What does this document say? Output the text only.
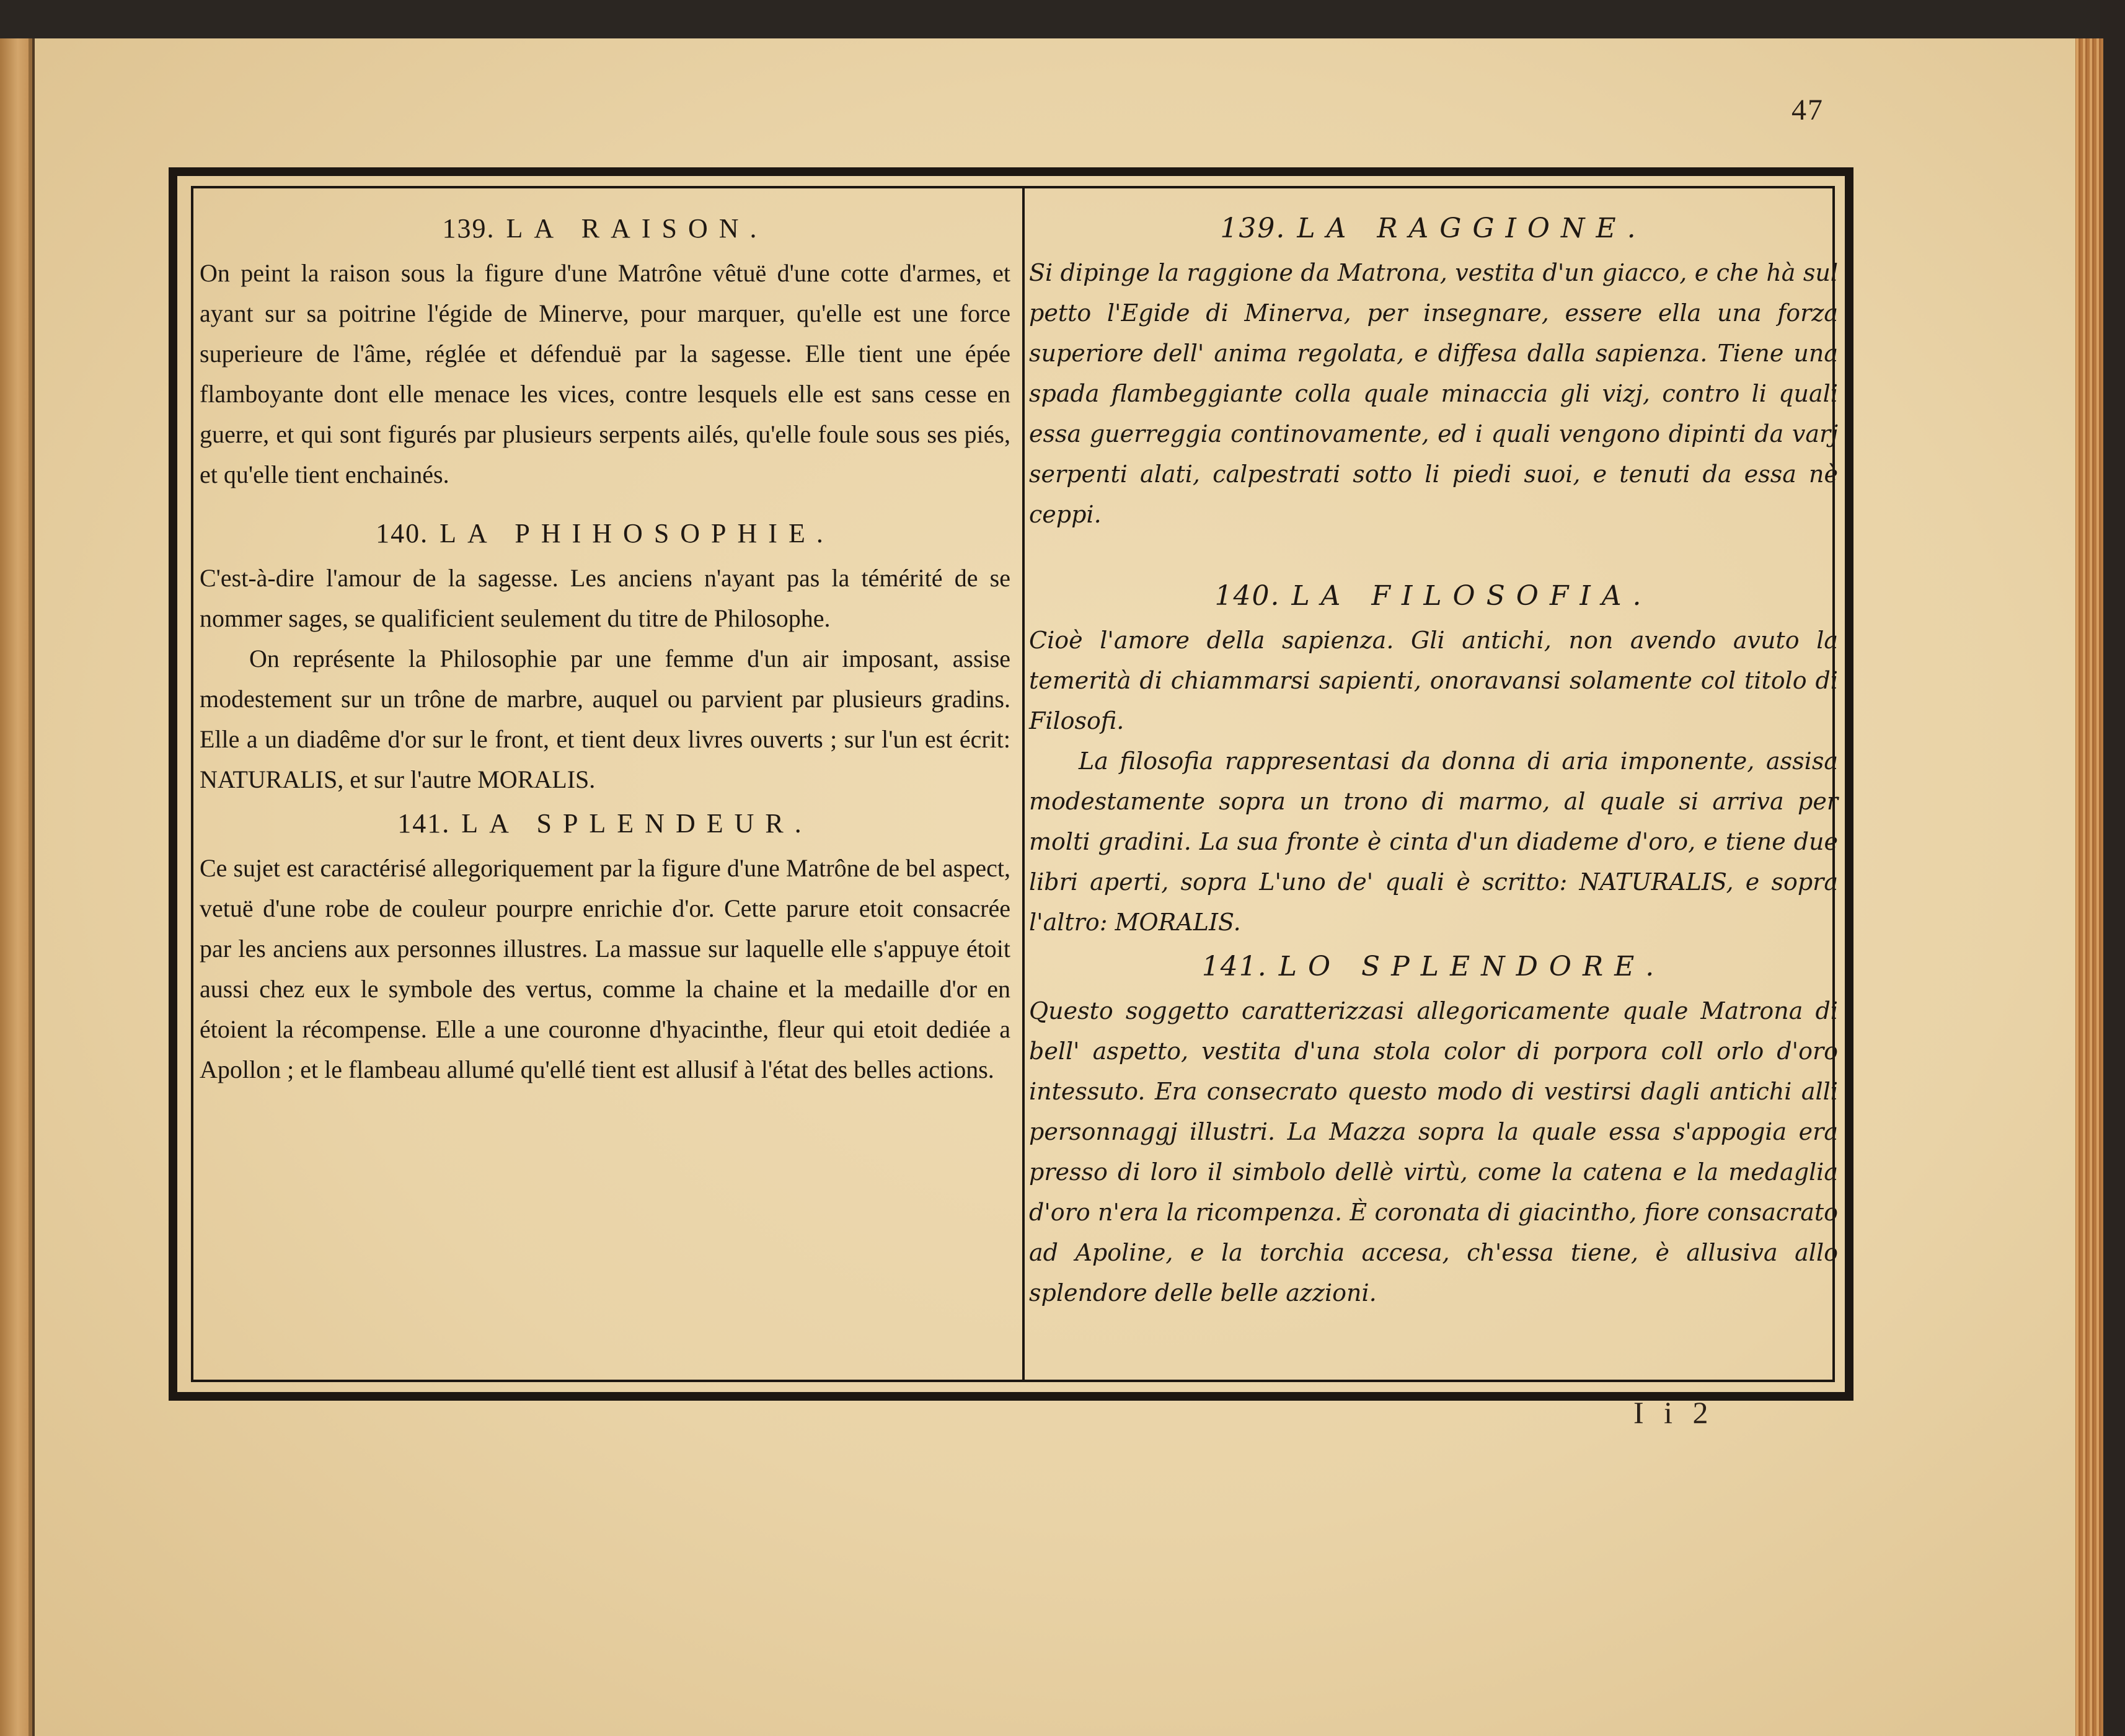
47

139. LA RAISON.

On peint la raison sous la figure d'une Matrône vêtuë d'une cotte d'armes, et ayant sur sa poitrine l'égide de Minerve, pour marquer, qu'elle est une force superieure de l'âme, réglée et défenduë par la sagesse. Elle tient une épée flamboyante dont elle menace les vices, contre lesquels elle est sans cesse en guerre, et qui sont figurés par plusieurs serpents ailés, qu'elle foule sous ses piés, et qu'elle tient enchainés.

140. LA PHIHOSOPHIE.

C'est-à-dire l'amour de la sagesse. Les anciens n'ayant pas la témérité de se nommer sages, se qualificient seulement du titre de Philosophe.

On représente la Philosophie par une femme d'un air imposant, assise modestement sur un trône de marbre, auquel ou parvient par plusieurs gradins. Elle a un diadême d'or sur le front, et tient deux livres ouverts ; sur l'un est écrit: NATURALIS, et sur l'autre MORALIS.

141. LA SPLENDEUR.

Ce sujet est caractérisé allegoriquement par la figure d'une Matrône de bel aspect, vetuë d'une robe de couleur pourpre enrichie d'or. Cette parure etoit consacrée par les anciens aux personnes illustres. La massue sur laquelle elle s'appuye étoit aussi chez eux le symbole des vertus, comme la chaine et la medaille d'or en étoient la récompense. Elle a une couronne d'hyacinthe, fleur qui etoit dediée a Apollon ; et le flambeau allumé qu'ellé tient est allusif à l'état des belles actions.

139. LA RAGGIONE.

Si dipinge la raggione da Matrona, vestita d'un giacco, e che hà sul petto l'Egide di Minerva, per insegnare, essere ella una forza superiore dell' anima regolata, e diffesa dalla sapienza. Tiene una spada flambeggiante colla quale minaccia gli vizj, contro li quali essa guerreggia continovamente, ed i quali vengono dipinti da varj serpenti alati, calpestrati sotto li piedi suoi, e tenuti da essa nè ceppi.

140. LA FILOSOFIA.

Cioè l'amore della sapienza. Gli antichi, non avendo avuto la temerità di chiammarsi sapienti, onoravansi solamente col titolo di Filosofi.

La filosofia rappresentasi da donna di aria imponente, assisa modestamente sopra un trono di marmo, al quale si arriva per molti gradini. La sua fronte è cinta d'un diademe d'oro, e tiene due libri aperti, sopra L'uno de' quali è scritto: NATURALIS, e sopra l'altro: MORALIS.

141. LO SPLENDORE.

Questo soggetto caratterizzasi allegoricamente quale Matrona di bell' aspetto, vestita d'una stola color di porpora coll orlo d'oro intessuto. Era consecrato questo modo di vestirsi dagli antichi alli personnaggj illustri. La Mazza sopra la quale essa s'appogia era presso di loro il simbolo dellè virtù, come la catena e la medaglia d'oro n'era la ricompenza. È coronata di giacintho, fiore consacrato ad Apoline, e la torchia accesa, ch'essa tiene, è allusiva allo splendore delle belle azzioni.

I i 2
